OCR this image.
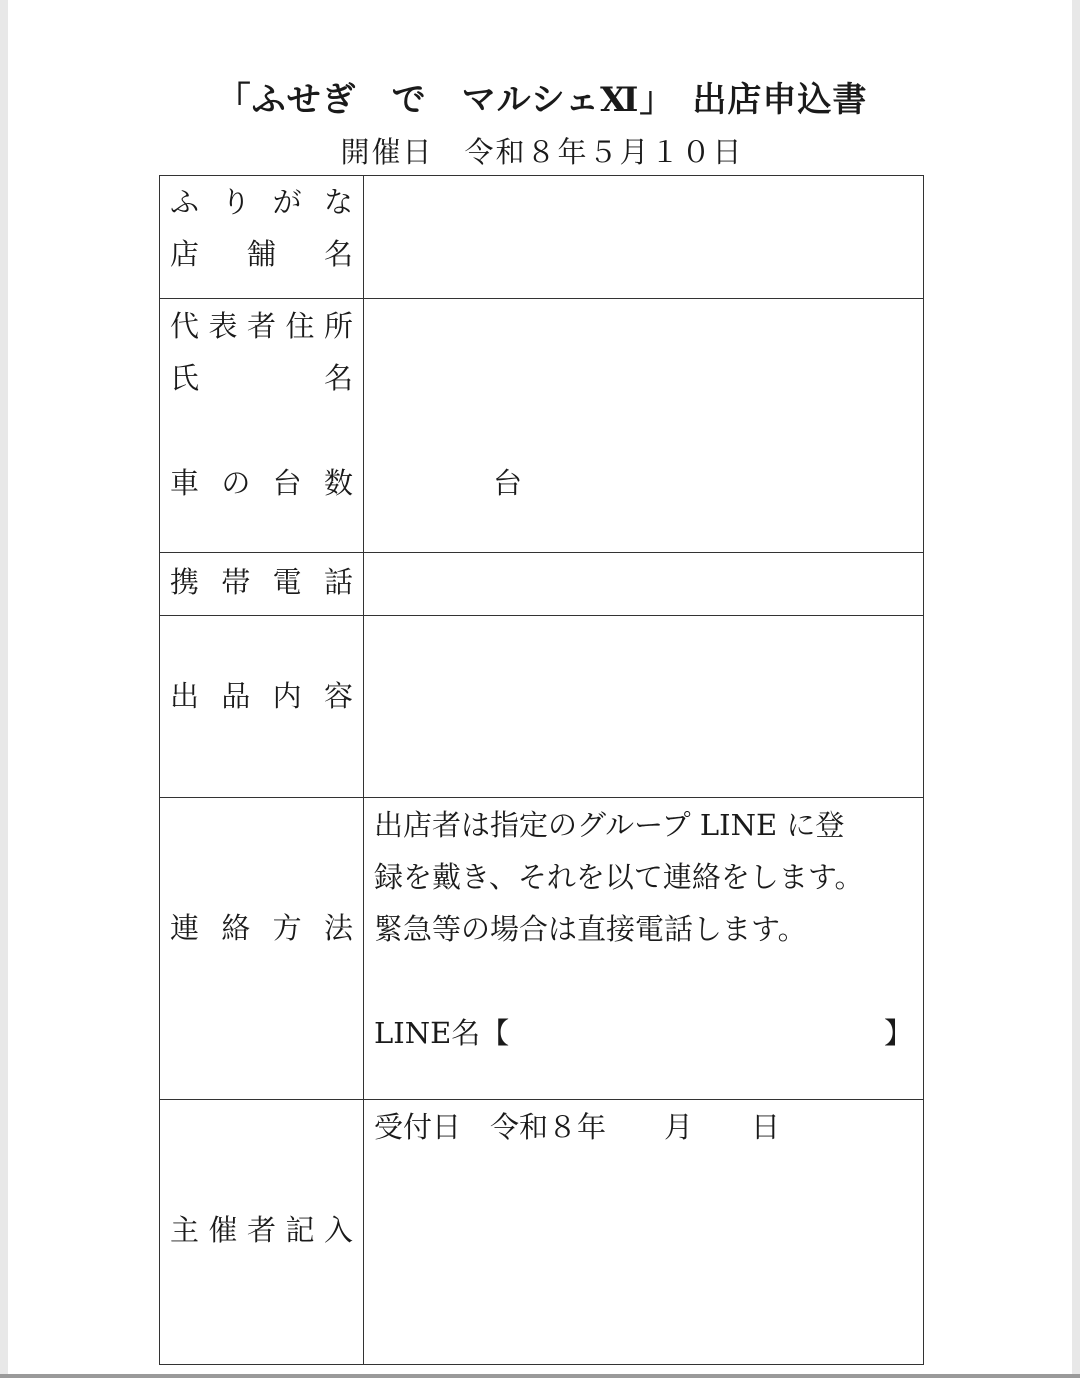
「ふせぎ　で　マルシェⅪ」　出店申込書
開催日　令和８年５月１０日
ふりがな
店舗名
代表者住所
氏名
車の台数	台
携帯電話
出品内容
連絡方法
出店者は指定のグループ LINE に登
録を戴き、それを以て連絡をします。
緊急等の場合は直接電話します。
LINE名【	】
主催者記入
受付日　令和８年　　月　　日
